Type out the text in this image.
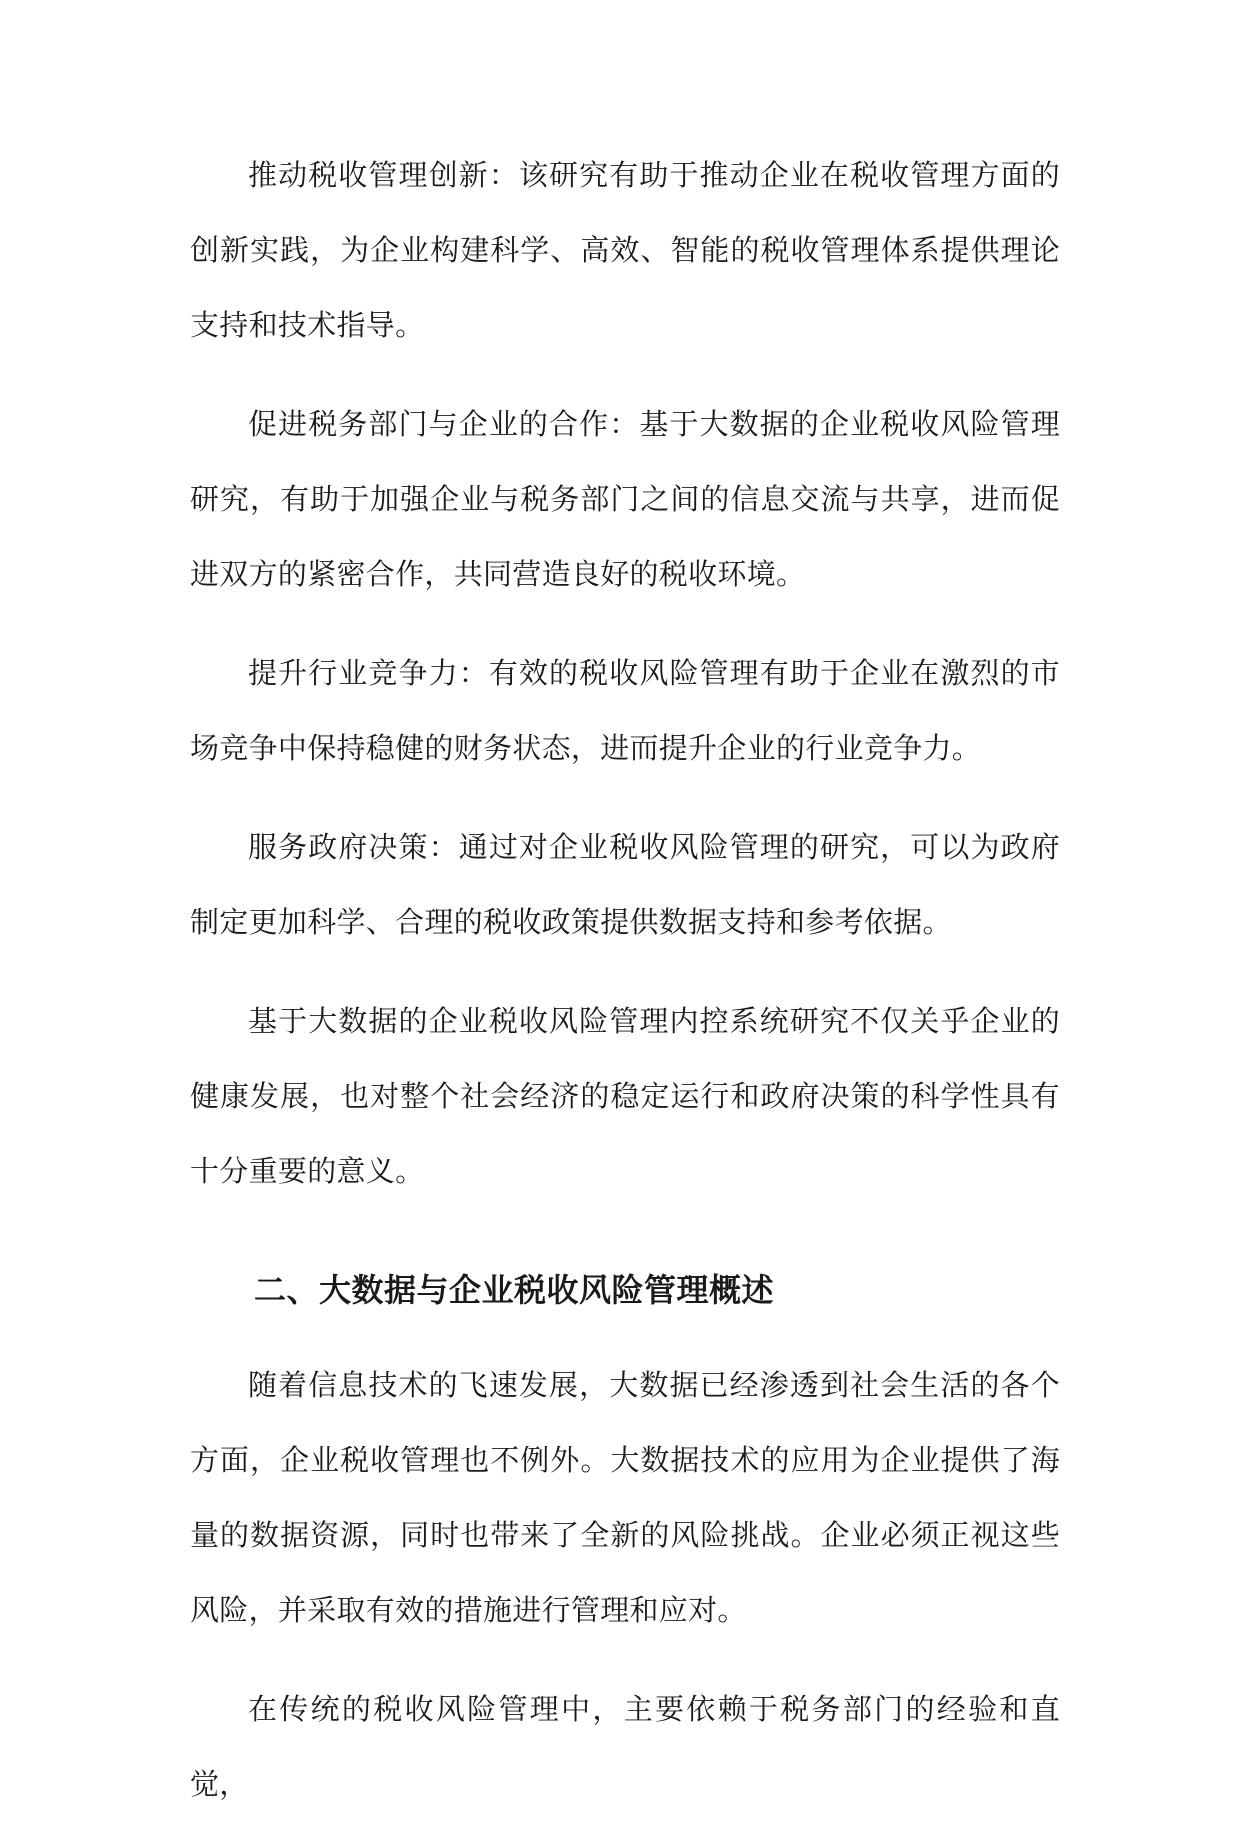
推动税收管理创新：该研究有助于推动企业在税收管理方面的创新实践，为企业构建科学、高效、智能的税收管理体系提供理论支持和技术指导。

促进税务部门与企业的合作：基于大数据的企业税收风险管理研究，有助于加强企业与税务部门之间的信息交流与共享，进而促进双方的紧密合作，共同营造良好的税收环境。

提升行业竞争力：有效的税收风险管理有助于企业在激烈的市场竞争中保持稳健的财务状态，进而提升企业的行业竞争力。

服务政府决策：通过对企业税收风险管理的研究，可以为政府制定更加科学、合理的税收政策提供数据支持和参考依据。

基于大数据的企业税收风险管理内控系统研究不仅关乎企业的健康发展，也对整个社会经济的稳定运行和政府决策的科学性具有十分重要的意义。

二、大数据与企业税收风险管理概述

随着信息技术的飞速发展，大数据已经渗透到社会生活的各个方面，企业税收管理也不例外。大数据技术的应用为企业提供了海量的数据资源，同时也带来了全新的风险挑战。企业必须正视这些风险，并采取有效的措施进行管理和应对。

在传统的税收风险管理中，主要依赖于税务部门的经验和直觉，
